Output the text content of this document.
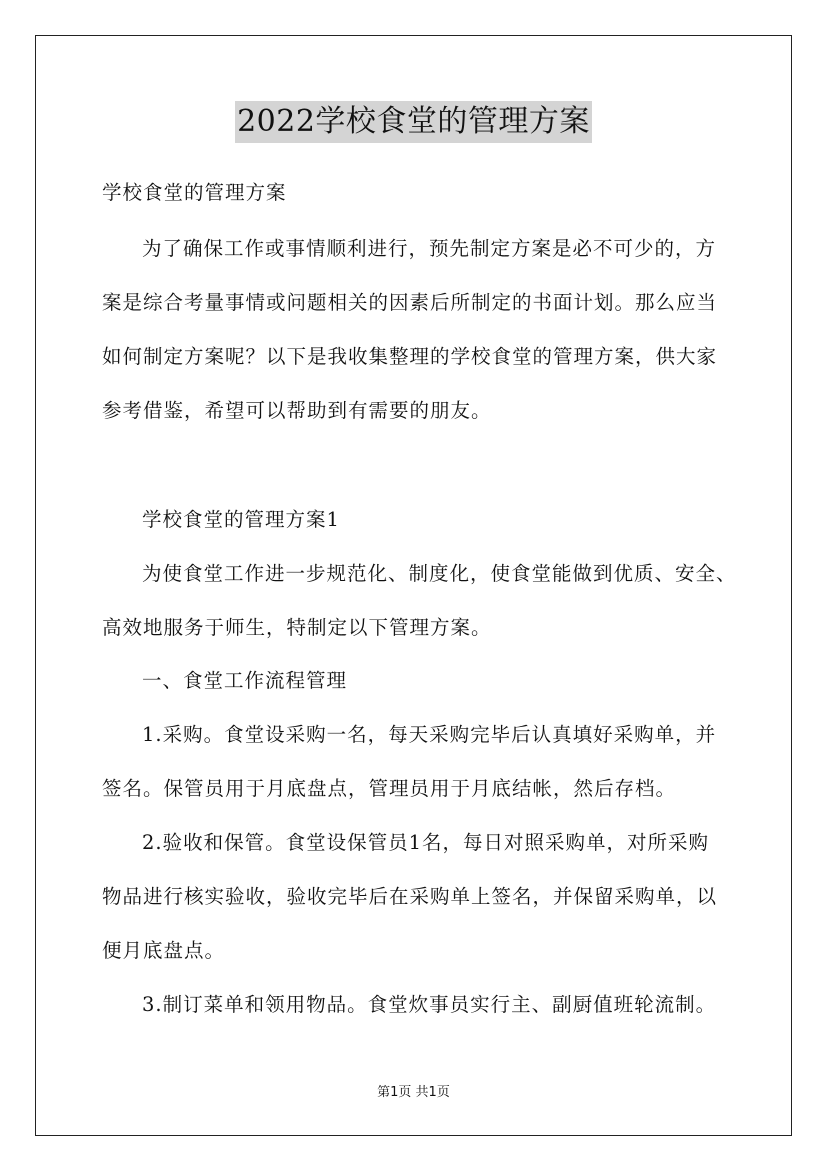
2022学校食堂的管理方案
学校食堂的管理方案
为了确保工作或事情顺利进行，预先制定方案是必不可少的，方
案是综合考量事情或问题相关的因素后所制定的书面计划。那么应当
如何制定方案呢？以下是我收集整理的学校食堂的管理方案，供大家
参考借鉴，希望可以帮助到有需要的朋友。
学校食堂的管理方案1
为使食堂工作进一步规范化、制度化，使食堂能做到优质、安全、
高效地服务于师生，特制定以下管理方案。
一、食堂工作流程管理
1.采购。食堂设采购一名，每天采购完毕后认真填好采购单，并
签名。保管员用于月底盘点，管理员用于月底结帐，然后存档。
2.验收和保管。食堂设保管员1名，每日对照采购单，对所采购
物品进行核实验收，验收完毕后在采购单上签名，并保留采购单，以
便月底盘点。
3.制订菜单和领用物品。食堂炊事员实行主、副厨值班轮流制。
第1页 共1页
